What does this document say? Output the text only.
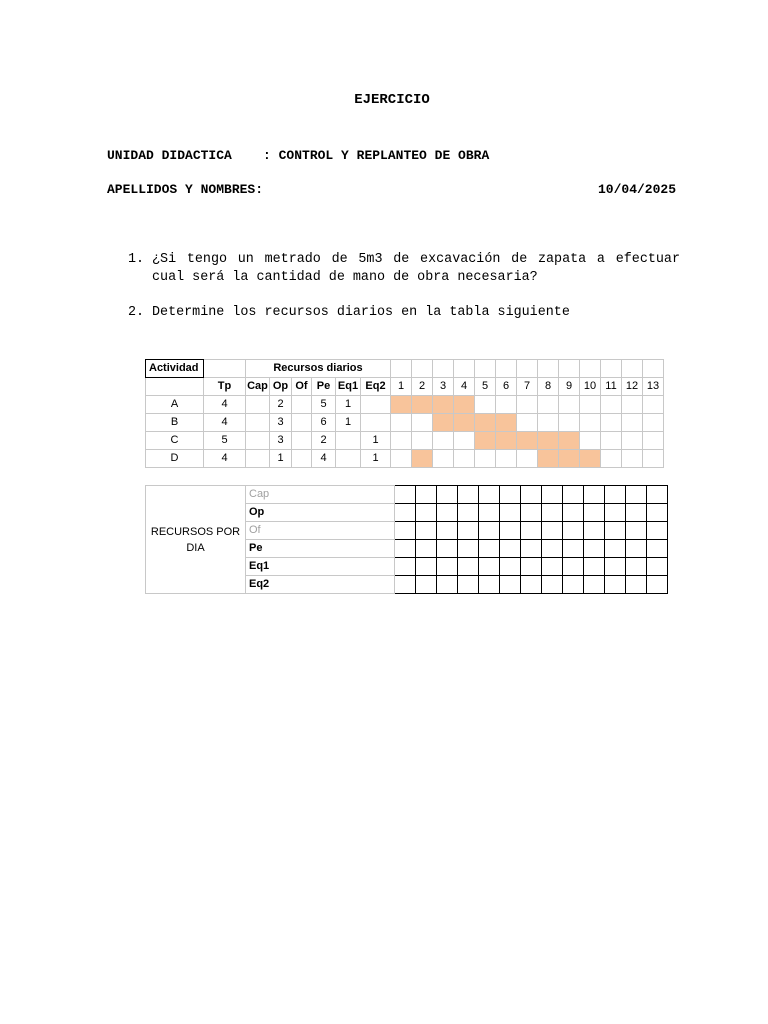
EJERCICIO
UNIDAD DIDACTICA    : CONTROL Y REPLANTEO DE OBRA
APELLIDOS Y NOMBRES:	10/04/2025
1. ¿Si tengo un metrado de 5m3 de excavación de zapata a efectuar cual será la cantidad de mano de obra necesaria?
2. Determine los recursos diarios en la tabla siguiente
Actividad		Recursos diarios																		
	Tp	Cap	Op	Of	Pe	Eq1	Eq2	1	2	3	4	5	6	7	8	9	10	11	12	13
A	4		2		5	1														
B	4		3		6	1														
C	5		3		2		1													
D	4		1		4		1													
RECURSOS POR
DIA	Cap													
	Op													
	Of													
	Pe													
	Eq1													
	Eq2													
